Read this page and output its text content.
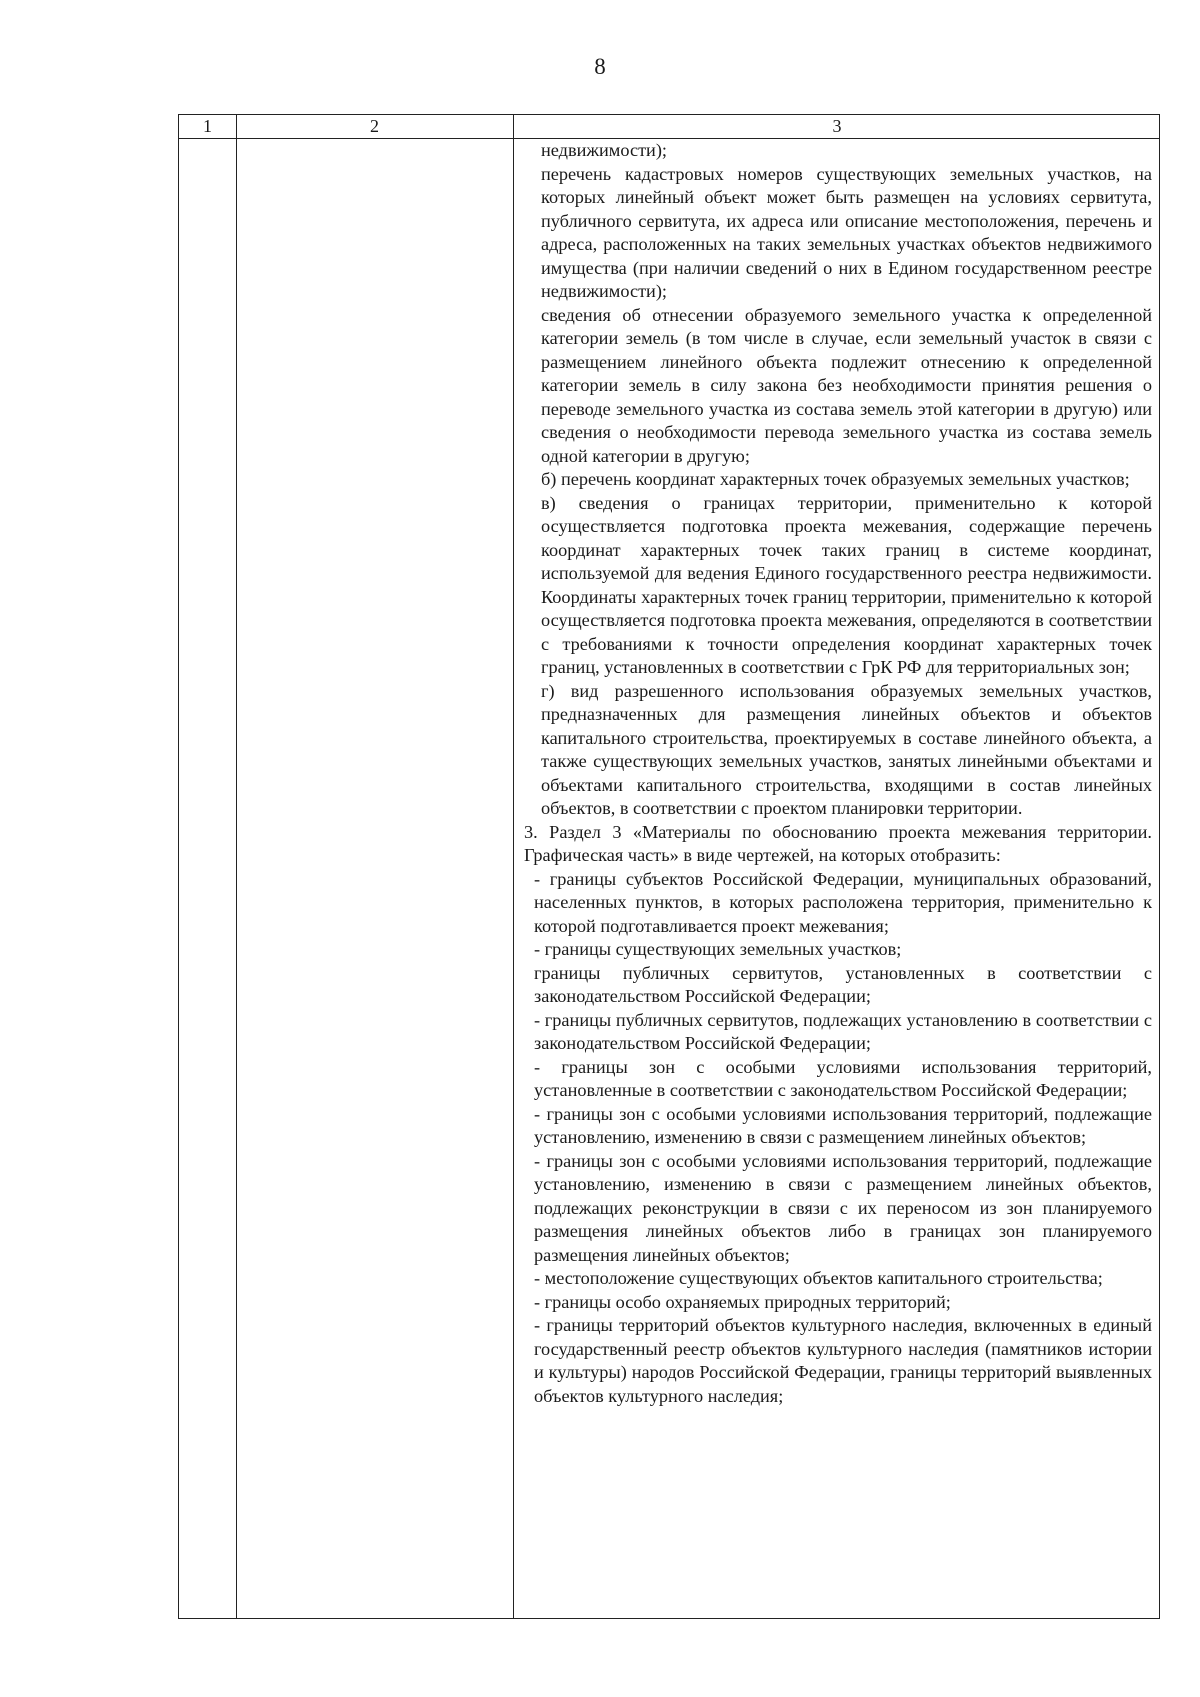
8
1	2	3

недвижимости);

перечень кадастровых номеров существующих земельных участков, на которых линейный объект может быть размещен на условиях сервитута, публичного сервитута, их адреса или описание местоположения, перечень и адреса, расположенных на таких земельных участках объектов недвижимого имущества (при наличии сведений о них в Едином государственном реестре недвижимости);

сведения об отнесении образуемого земельного участка к определенной категории земель (в том числе в случае, если земельный участок в связи с размещением линейного объекта подлежит отнесению к определенной категории земель в силу закона без необходимости принятия решения о переводе земельного участка из состава земель этой категории в другую) или сведения о необходимости перевода земельного участка из состава земель одной категории в другую;

б) перечень координат характерных точек образуемых земельных участков;

в) сведения о границах территории, применительно к которой осуществляется подготовка проекта межевания, содержащие перечень координат характерных точек таких границ в системе координат, используемой для ведения Единого государственного реестра недвижимости. Координаты характерных точек границ территории, применительно к которой осуществляется подготовка проекта межевания, определяются в соответствии с требованиями к точности определения координат характерных точек границ, установленных в соответствии с ГрК РФ для территориальных зон;

г) вид разрешенного использования образуемых земельных участков, предназначенных для размещения линейных объектов и объектов капитального строительства, проектируемых в составе линейного объекта, а также существующих земельных участков, занятых линейными объектами и объектами капитального строительства, входящими в состав линейных объектов, в соответствии с проектом планировки территории.

3. Раздел 3 «Материалы по обоснованию проекта межевания территории. Графическая часть» в виде чертежей, на которых отобразить:

- границы субъектов Российской Федерации, муниципальных образований, населенных пунктов, в которых расположена территория, применительно к которой подготавливается проект межевания;

- границы существующих земельных участков;

границы публичных сервитутов, установленных в соответствии с законодательством Российской Федерации;

- границы публичных сервитутов, подлежащих установлению в соответствии с законодательством Российской Федерации;

- границы зон с особыми условиями использования территорий, установленные в соответствии с законодательством Российской Федерации;

- границы зон с особыми условиями использования территорий, подлежащие установлению, изменению в связи с размещением линейных объектов;

- границы зон с особыми условиями использования территорий, подлежащие установлению, изменению в связи с размещением линейных объектов, подлежащих реконструкции в связи с их переносом из зон планируемого размещения линейных объектов либо в границах зон планируемого размещения линейных объектов;

- местоположение существующих объектов капитального строительства;

- границы особо охраняемых природных территорий;

- границы территорий объектов культурного наследия, включенных в единый государственный реестр объектов культурного наследия (памятников истории и культуры) народов Российской Федерации, границы территорий выявленных объектов культурного наследия;
